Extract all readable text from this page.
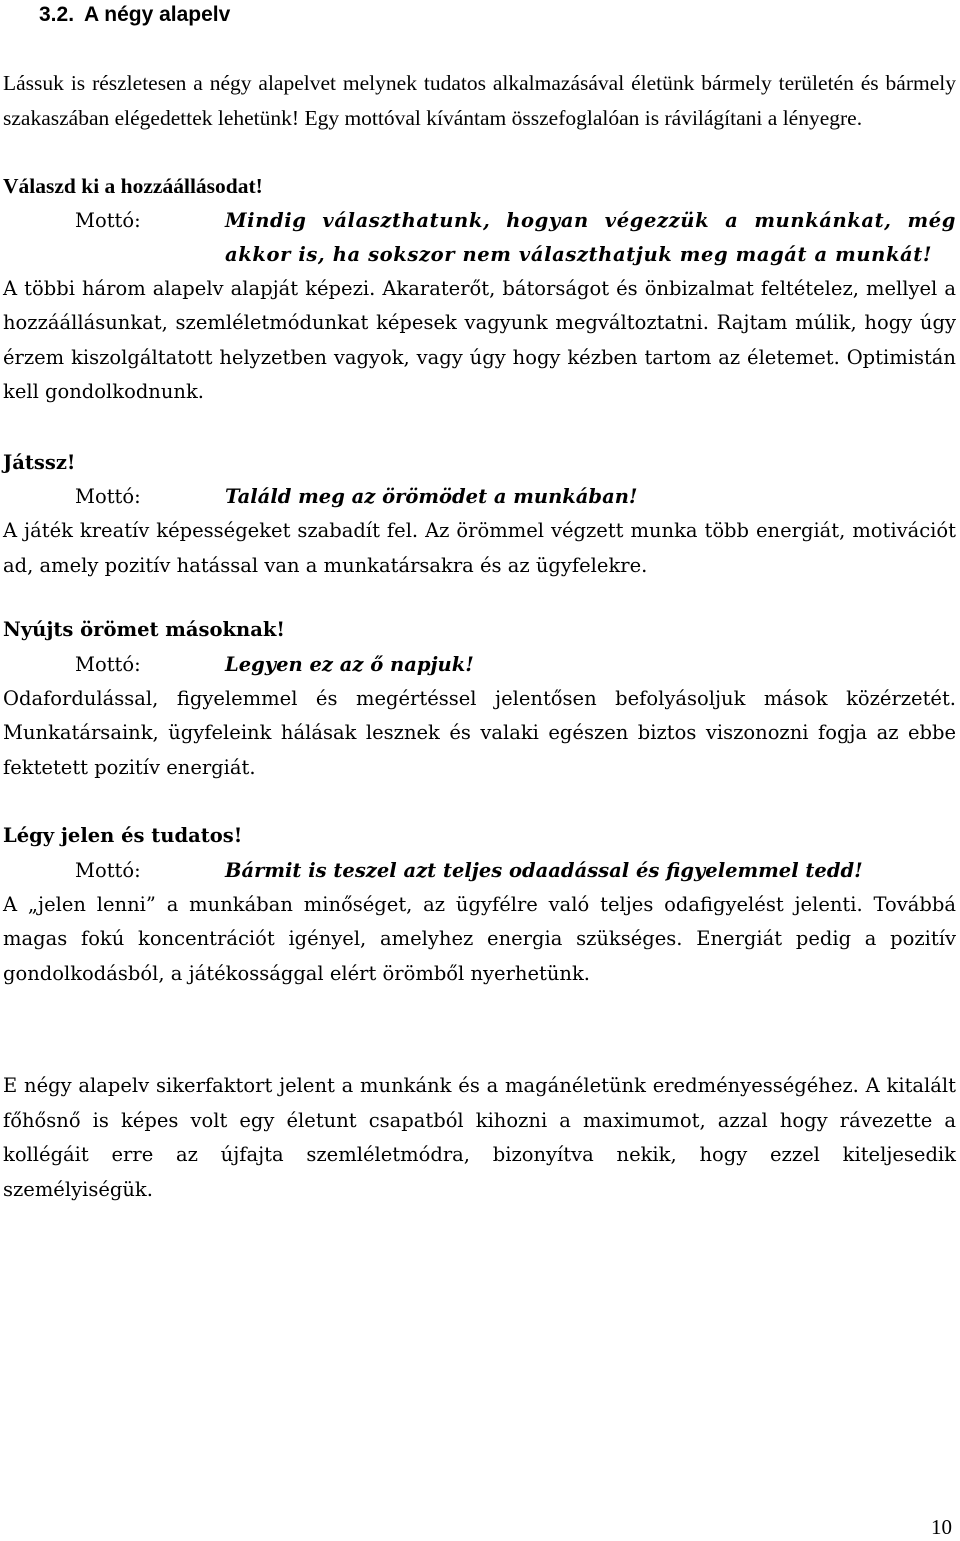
3.2. A négy alapelv

Lássuk is részletesen a négy alapelvet melynek tudatos alkalmazásával életünk bármely területén és bármely szakaszában elégedettek lehetünk! Egy mottóval kívántam összefoglalóan is rávilágítani a lényegre.

Válaszd ki a hozzáállásodat!
Mottó:	Mindig választhatunk, hogyan végezzük a munkánkat, még akkor is, ha sokszor nem választhatjuk meg magát a munkát!

A többi három alapelv alapját képezi. Akaraterőt, bátorságot és önbizalmat feltételez, mellyel a hozzáállásunkat, szemléletmódunkat képesek vagyunk megváltoztatni. Rajtam múlik, hogy úgy érzem kiszolgáltatott helyzetben vagyok, vagy úgy hogy kézben tartom az életemet. Optimistán kell gondolkodnunk.

Játssz!
Mottó:	Találd meg az örömödet a munkában!

A játék kreatív képességeket szabadít fel. Az örömmel végzett munka több energiát, motivációt ad, amely pozitív hatással van a munkatársakra és az ügyfelekre.

Nyújts örömet másoknak!
Mottó:	Legyen ez az ő napjuk!

Odafordulással, figyelemmel és megértéssel jelentősen befolyásoljuk mások közérzetét. Munkatársaink, ügyfeleink hálásak lesznek és valaki egészen biztos viszonozni fogja az ebbe fektetett pozitív energiát.

Légy jelen és tudatos!
Mottó:	Bármit is teszel azt teljes odaadással és figyelemmel tedd!

A „jelen lenni” a munkában minőséget, az ügyfélre való teljes odafigyelést jelenti. Továbbá magas fokú koncentrációt igényel, amelyhez energia szükséges. Energiát pedig a pozitív gondolkodásból, a játékossággal elért örömből nyerhetünk.

E négy alapelv sikerfaktort jelent a munkánk és a magánéletünk eredményességéhez. A kitalált főhősnő is képes volt egy életunt csapatból kihozni a maximumot, azzal hogy rávezette a kollégáit erre az újfajta szemléletmódra, bizonyítva nekik, hogy ezzel kiteljesedik személyiségük.

10
